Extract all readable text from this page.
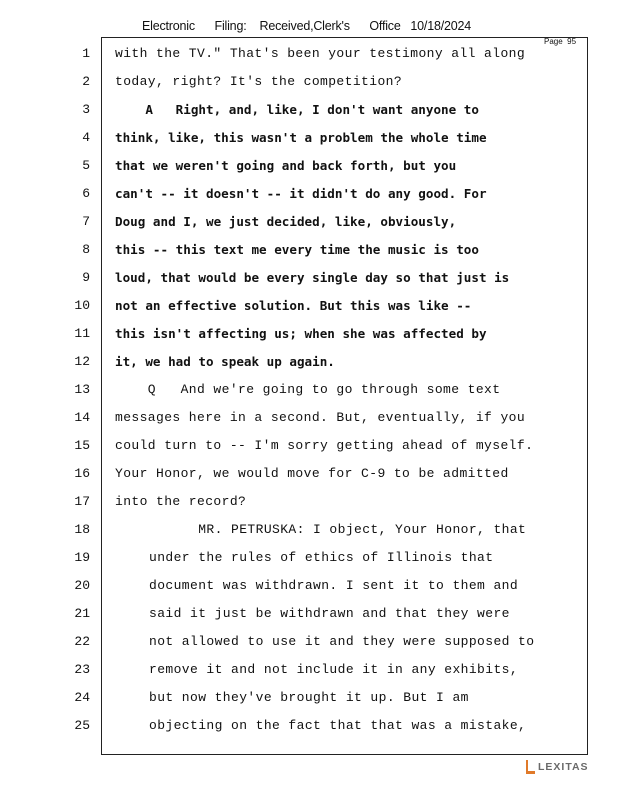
Electronic      Filing:    Received,Clerk's      Office   10/18/2024
Page  95
1 with the TV." That's been your testimony all along
2 today, right? It's the competition?
3 A   Right, and, like, I don't want anyone to
4 think, like, this wasn't a problem the whole time
5 that we weren't going and back forth, but you
6 can't -- it doesn't -- it didn't do any good. For
7 Doug and I, we just decided, like, obviously,
8 this -- this text me every time the music is too
9 loud, that would be every single day so that just is
10 not an effective solution. But this was like --
11 this isn't affecting us; when she was affected by
12 it, we had to speak up again.
13 Q   And we're going to go through some text
14 messages here in a second. But, eventually, if you
15 could turn to -- I'm sorry getting ahead of myself.
16 Your Honor, we would move for C-9 to be admitted
17 into the record?
18	MR. PETRUSKA: I object, Your Honor, that
19	under the rules of ethics of Illinois that
20	document was withdrawn. I sent it to them and
21	said it just be withdrawn and that they were
22	not allowed to use it and they were supposed to
23	remove it and not include it in any exhibits,
24	but now they've brought it up. But I am
25	objecting on the fact that that was a mistake,
LEXITAS
